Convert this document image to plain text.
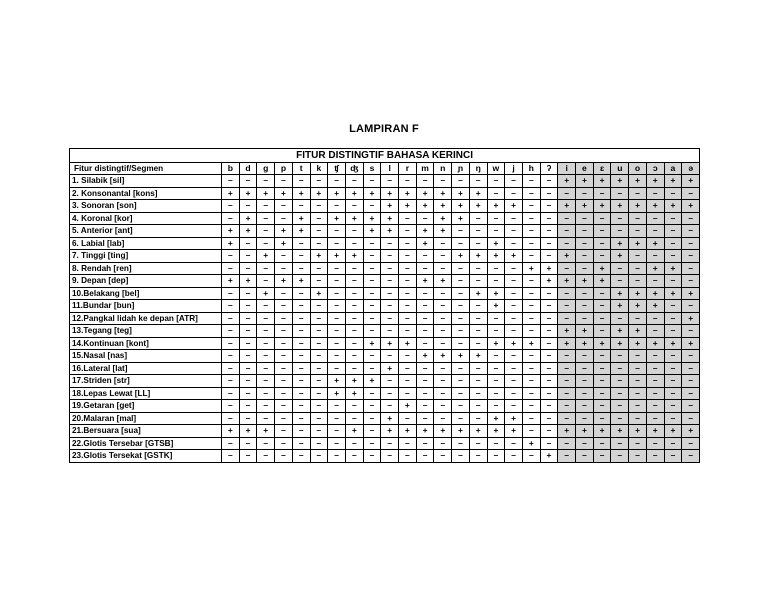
LAMPIRAN F
FITUR DISTINGTIF BAHASA KERINCI																											
Fitur distingtif/Segmen	b	d	g	p	t	k	ʧ	ʤ	s	l	r	m	n	ɲ	ŋ	w	j	h	ʔ	i	e	ɛ	u	o	ɔ	a	ə
1. Silabik [sil]	–	–	–	–	–	–	–	–	–	–	–	–	–	–	–	–	–	–	–	+	+	+	+	+	+	+	+
2. Konsonantal [kons]	+	+	+	+	+	+	+	+	+	+	+	+	+	+	+	–	–	–	–	–	–	–	–	–	–	–	–
3. Sonoran [son]	–	–	–	–	–	–	–	–	–	+	+	+	+	+	+	+	+	–	–	+	+	+	+	+	+	+	+
4. Koronal [kor]	–	+	–	–	+	–	+	+	+	+	–	–	+	+	–	–	–	–	–	–	–	–	–	–	–	–	–
5. Anterior [ant]	+	+	–	+	+	–	–	–	+	+	–	+	+	–	–	–	–	–	–	–	–	–	–	–	–	–	–
6. Labial [lab]	+	–	–	+	–	–	–	–	–	–	–	+	–	–	–	+	–	–	–	–	–	–	+	+	+	–	–
7. Tinggi [ting]	–	–	+	–	–	+	+	+	–	–	–	–	–	+	+	+	+	–	–	+	–	–	+	–	–	–	–
8. Rendah [ren]	–	–	–	–	–	–	–	–	–	–	–	–	–	–	–	–	–	+	+	–	–	+	–	–	+	+	–
9. Depan [dep]	+	+	–	+	+	–	–	–	–	–	–	+	+	–	–	–	–	–	+	+	+	+	–	–	–	–	–
10.Belakang [bel]	–	–	+	–	–	+	–	–	–	–	–	–	–	–	+	+	–	–	–	–	–	–	+	+	+	+	+
11.Bundar [bun]	–	–	–	–	–	–	–	–	–	–	–	–	–	–	–	+	–	–	–	–	–	–	+	+	+	–	–
12.Pangkal lidah ke depan [ATR]	–	–	–	–	–	–	–	–	–	–	–	–	–	–	–	–	–	–	–	–	–	–	–	–	–	–	+
13.Tegang [teg]	–	–	–	–	–	–	–	–	–	–	–	–	–	–	–	–	–	–	–	+	+	–	+	+	–	–	–
14.Kontinuan [kont]	–	–	–	–	–	–	–	–	+	+	+	–	–	–	–	+	+	+	–	+	+	+	+	+	+	+	+
15.Nasal [nas]	–	–	–	–	–	–	–	–	–	–	–	+	+	+	+	–	–	–	–	–	–	–	–	–	–	–	–
16.Lateral [lat]	–	–	–	–	–	–	–	–	–	+	–	–	–	–	–	–	–	–	–	–	–	–	–	–	–	–	–
17.Striden [str]	–	–	–	–	–	–	+	+	+	–	–	–	–	–	–	–	–	–	–	–	–	–	–	–	–	–	–
18.Lepas Lewat [LL]	–	–	–	–	–	–	+	+	–	–	–	–	–	–	–	–	–	–	–	–	–	–	–	–	–	–	–
19.Getaran [get]	–	–	–	–	–	–	–	–	–	–	+	–	–	–	–	–	–	–	–	–	–	–	–	–	–	–	–
20.Malaran [mal]	–	–	–	–	–	–	–	–	–	+	–	–	–	–	–	+	+	–	–	–	–	–	–	–	–	–	–
21.Bersuara [sua]	+	+	+	–	–	–	–	+	–	+	+	+	+	+	+	+	+	–	–	+	+	+	+	+	+	+	+
22.Glotis Tersebar [GTSB]	–	–	–	–	–	–	–	–	–	–	–	–	–	–	–	–	–	+	–	–	–	–	–	–	–	–	–
23.Glotis Tersekat [GSTK]	–	–	–	–	–	–	–	–	–	–	–	–	–	–	–	–	–	–	+	–	–	–	–	–	–	–	–
